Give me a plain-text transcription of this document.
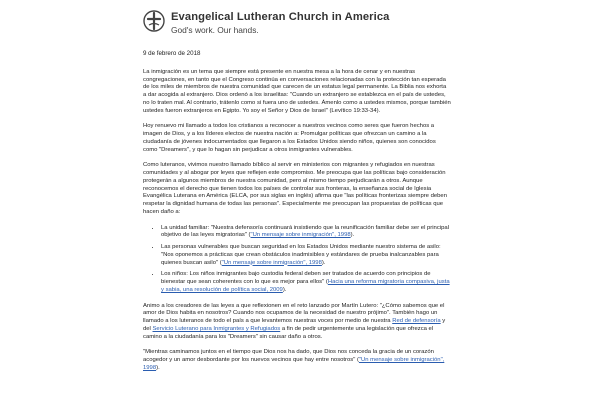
Evangelical Lutheran Church in America
God's work. Our hands.
9 de febrero de 2018

La inmigración es un tema que siempre está presente en nuestra mesa a la hora de cenar y en nuestras congregaciones, en tanto que el Congreso continúa en conversaciones relacionadas con la protección tan esperada de los miles de miembros de nuestra comunidad que carecen de un estatus legal permanente. La Biblia nos exhorta a dar acogida al extranjero. Dios ordenó a los israelitas: "Cuando un extranjero se establezca en el país de ustedes, no lo traten mal. Al contrario, trátenlo como si fuera uno de ustedes. Ámenlo como a ustedes mismos, porque también ustedes fueron extranjeros en Egipto. Yo soy el Señor y Dios de Israel" (Levítico 19:33-34).

Hoy renuevo mi llamado a todos los cristianos a reconocer a nuestros vecinos como seres que fueron hechos a imagen de Dios, y a los líderes electos de nuestra nación a: Promulgar políticas que ofrezcan un camino a la ciudadanía de jóvenes indocumentados que llegaron a los Estados Unidos siendo niños, quienes son conocidos como "Dreamers", y que lo hagan sin perjudicar a otros inmigrantes vulnerables.

Como luteranos, vivimos nuestro llamado bíblico al servir en ministerios con migrantes y refugiados en nuestras comunidades y al abogar por leyes que reflejen este compromiso. Me preocupa que las políticas bajo consideración protegerán a algunos miembros de nuestra comunidad, pero al mismo tiempo perjudicarán a otros. Aunque reconocemos el derecho que tienen todos los países de controlar sus fronteras, la enseñanza social de Iglesia Evangélica Luterana en América (ELCA, por sus siglas en inglés) afirma que "las políticas fronterizas siempre deben respetar la dignidad humana de todas las personas". Especialmente me preocupan las propuestas de políticas que hacen daño a:

• La unidad familiar: "Nuestra defensoría continuará insistiendo que la reunificación familiar debe ser el principal objetivo de las leyes migratorias" ("Un mensaje sobre inmigración", 1998).
• Las personas vulnerables que buscan seguridad en los Estados Unidos mediante nuestro sistema de asilo: "Nos oponemos a prácticas que crean obstáculos inadmisibles y estándares de prueba inalcanzables para quienes buscan asilo" ("Un mensaje sobre inmigración", 1998).
• Los niños: Los niños inmigrantes bajo custodia federal deben ser tratados de acuerdo con principios de bienestar que sean coherentes con lo que es mejor para ellos" (Hacia una reforma migratoria compasiva, justa y sabia, una resolución de política social, 2009).

Animo a los creadores de las leyes a que reflexionen en el reto lanzado por Martín Lutero: "¿Cómo sabemos que el amor de Dios habita en nosotros? Cuando nos ocupamos de la necesidad de nuestro prójimo". También hago un llamado a los luteranos de todo el país a que levantemos nuestras voces por medio de nuestra Red de defensoría y del Servicio Luterano para Inmigrantes y Refugiados a fin de pedir urgentemente una legislación que ofrezca el camino a la ciudadanía para los "Dreamers" sin causar daño a otros.

"Mientras caminamos juntos en el tiempo que Dios nos ha dado, que Dios nos conceda la gracia de un corazón acogedor y un amor desbordante por los nuevos vecinos que hay entre nosotros" ("Un mensaje sobre inmigración", 1998).
